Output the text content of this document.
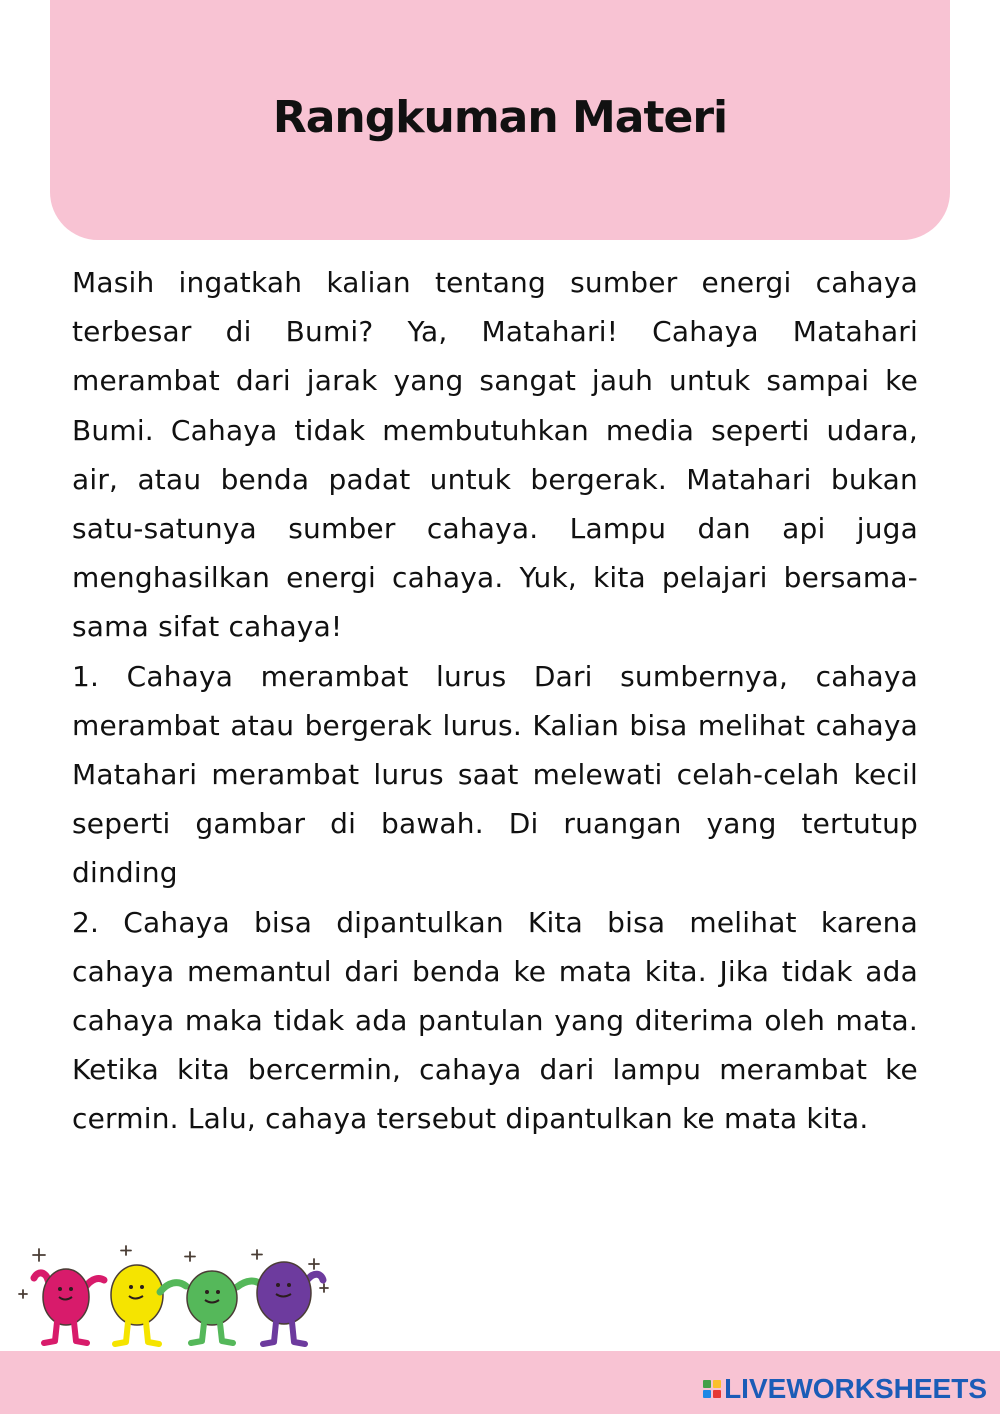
Rangkuman Materi

Masih ingatkah kalian tentang sumber energi cahaya terbesar di Bumi? Ya, Matahari! Cahaya Matahari merambat dari jarak yang sangat jauh untuk sampai ke Bumi. Cahaya tidak membutuhkan media seperti udara, air, atau benda padat untuk bergerak. Matahari bukan satu-satunya sumber cahaya. Lampu dan api juga menghasilkan energi cahaya. Yuk, kita pelajari bersama-sama sifat cahaya!

1. Cahaya merambat lurus Dari sumbernya, cahaya merambat atau bergerak lurus. Kalian bisa melihat cahaya Matahari merambat lurus saat melewati celah-celah kecil seperti gambar di bawah. Di ruangan yang tertutup dinding

2. Cahaya bisa dipantulkan Kita bisa melihat karena cahaya memantul dari benda ke mata kita. Jika tidak ada cahaya maka tidak ada pantulan yang diterima oleh mata. Ketika kita bercermin, cahaya dari lampu merambat ke cermin. Lalu, cahaya tersebut dipantulkan ke mata kita.

LIVEWORKSHEETS
